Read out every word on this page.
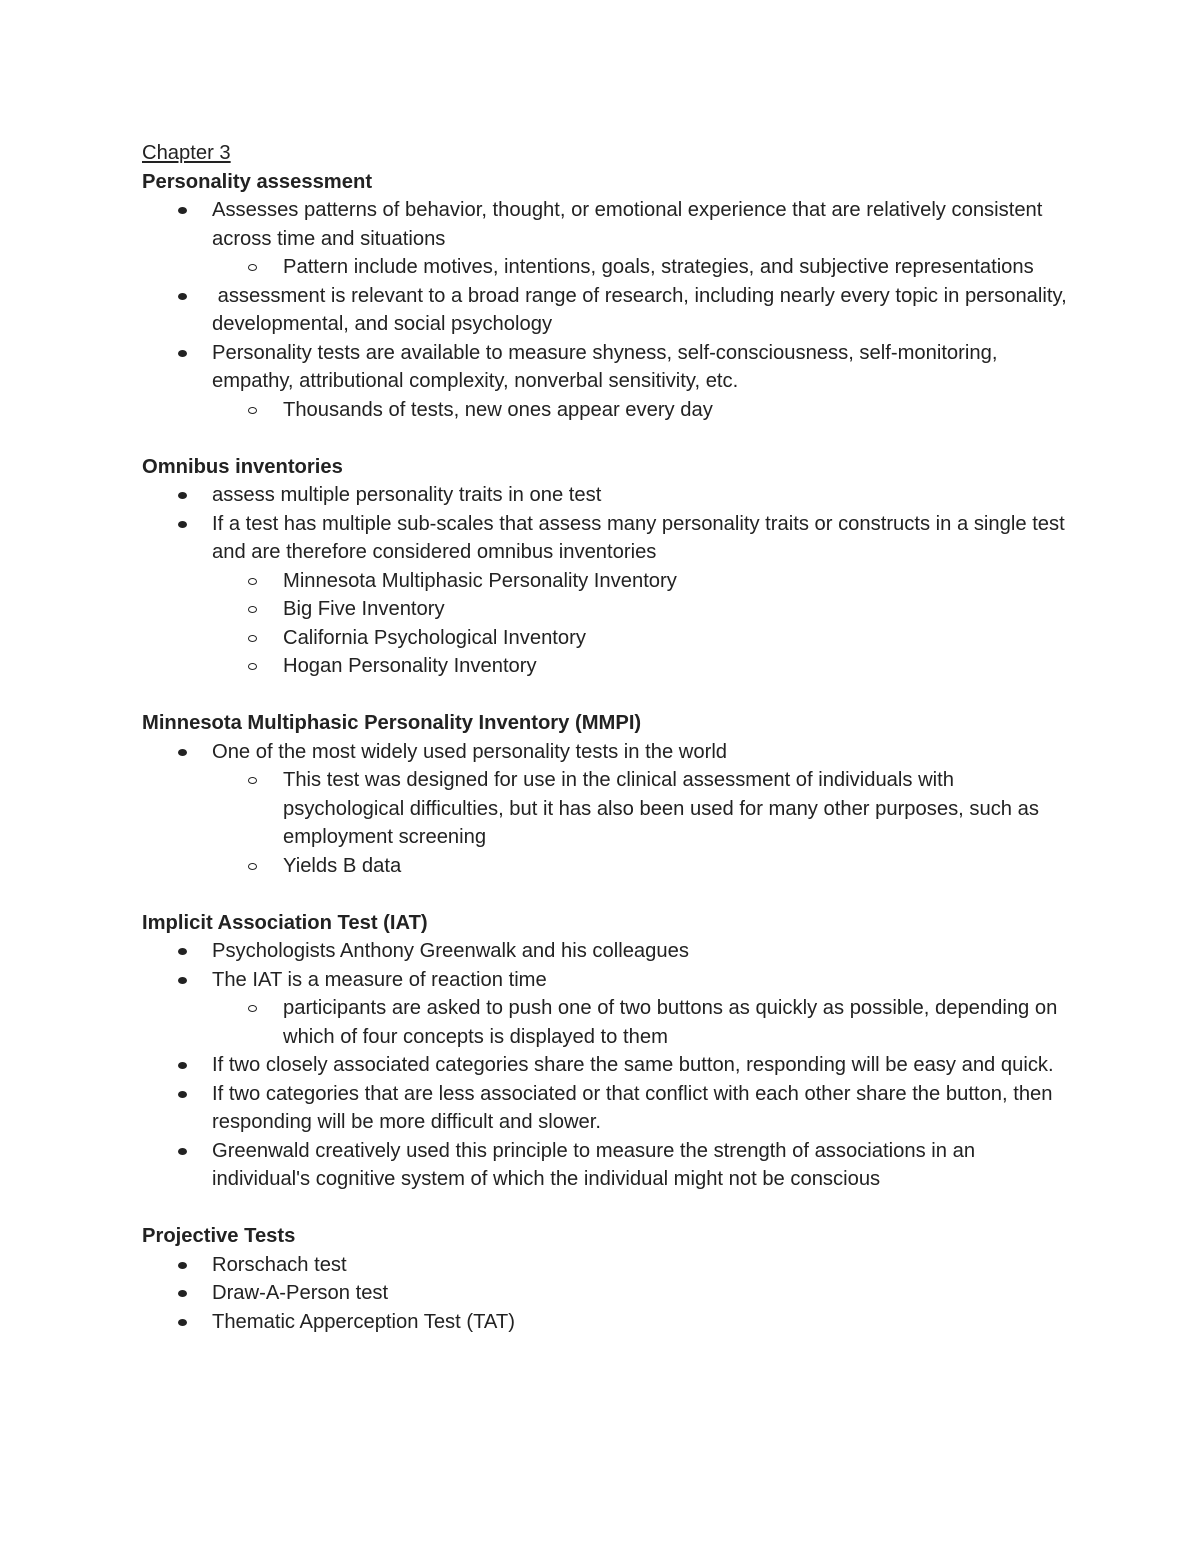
Chapter 3
Personality assessment
Assesses patterns of behavior, thought, or emotional experience that are relatively consistent  across time and situations
Pattern include motives, intentions, goals, strategies, and subjective representations
assessment is relevant to a broad range of research, including nearly every topic in personality, developmental, and social psychology
Personality tests are available to measure shyness, self-consciousness, self-monitoring, empathy, attributional complexity, nonverbal sensitivity, etc.
Thousands of tests, new ones appear every day
Omnibus inventories
assess multiple personality traits in one test
If a test has multiple sub-scales that assess many personality traits or constructs in a single test and are therefore considered omnibus inventories
Minnesota Multiphasic Personality Inventory
Big Five Inventory
California Psychological Inventory
Hogan Personality Inventory
Minnesota Multiphasic Personality Inventory (MMPI)
One of the most widely used personality tests in the world
This test was designed for use in the clinical assessment of individuals with psychological difficulties, but it has also been used for many other purposes, such as employment screening
Yields B data
Implicit Association Test (IAT)
Psychologists Anthony Greenwalk and his colleagues
The IAT is a measure of reaction time
participants are asked to push one of two buttons as quickly as possible, depending on which of four concepts is displayed to them
If two closely associated categories share the same button, responding will be easy and quick.
If two categories that are less associated or that conflict with each other share the button, then responding will be more difficult and slower.
Greenwald creatively used this principle to measure the strength of associations in an individual's cognitive system of which the individual might not be conscious
Projective Tests
Rorschach test
Draw-A-Person test
Thematic Apperception Test (TAT)
